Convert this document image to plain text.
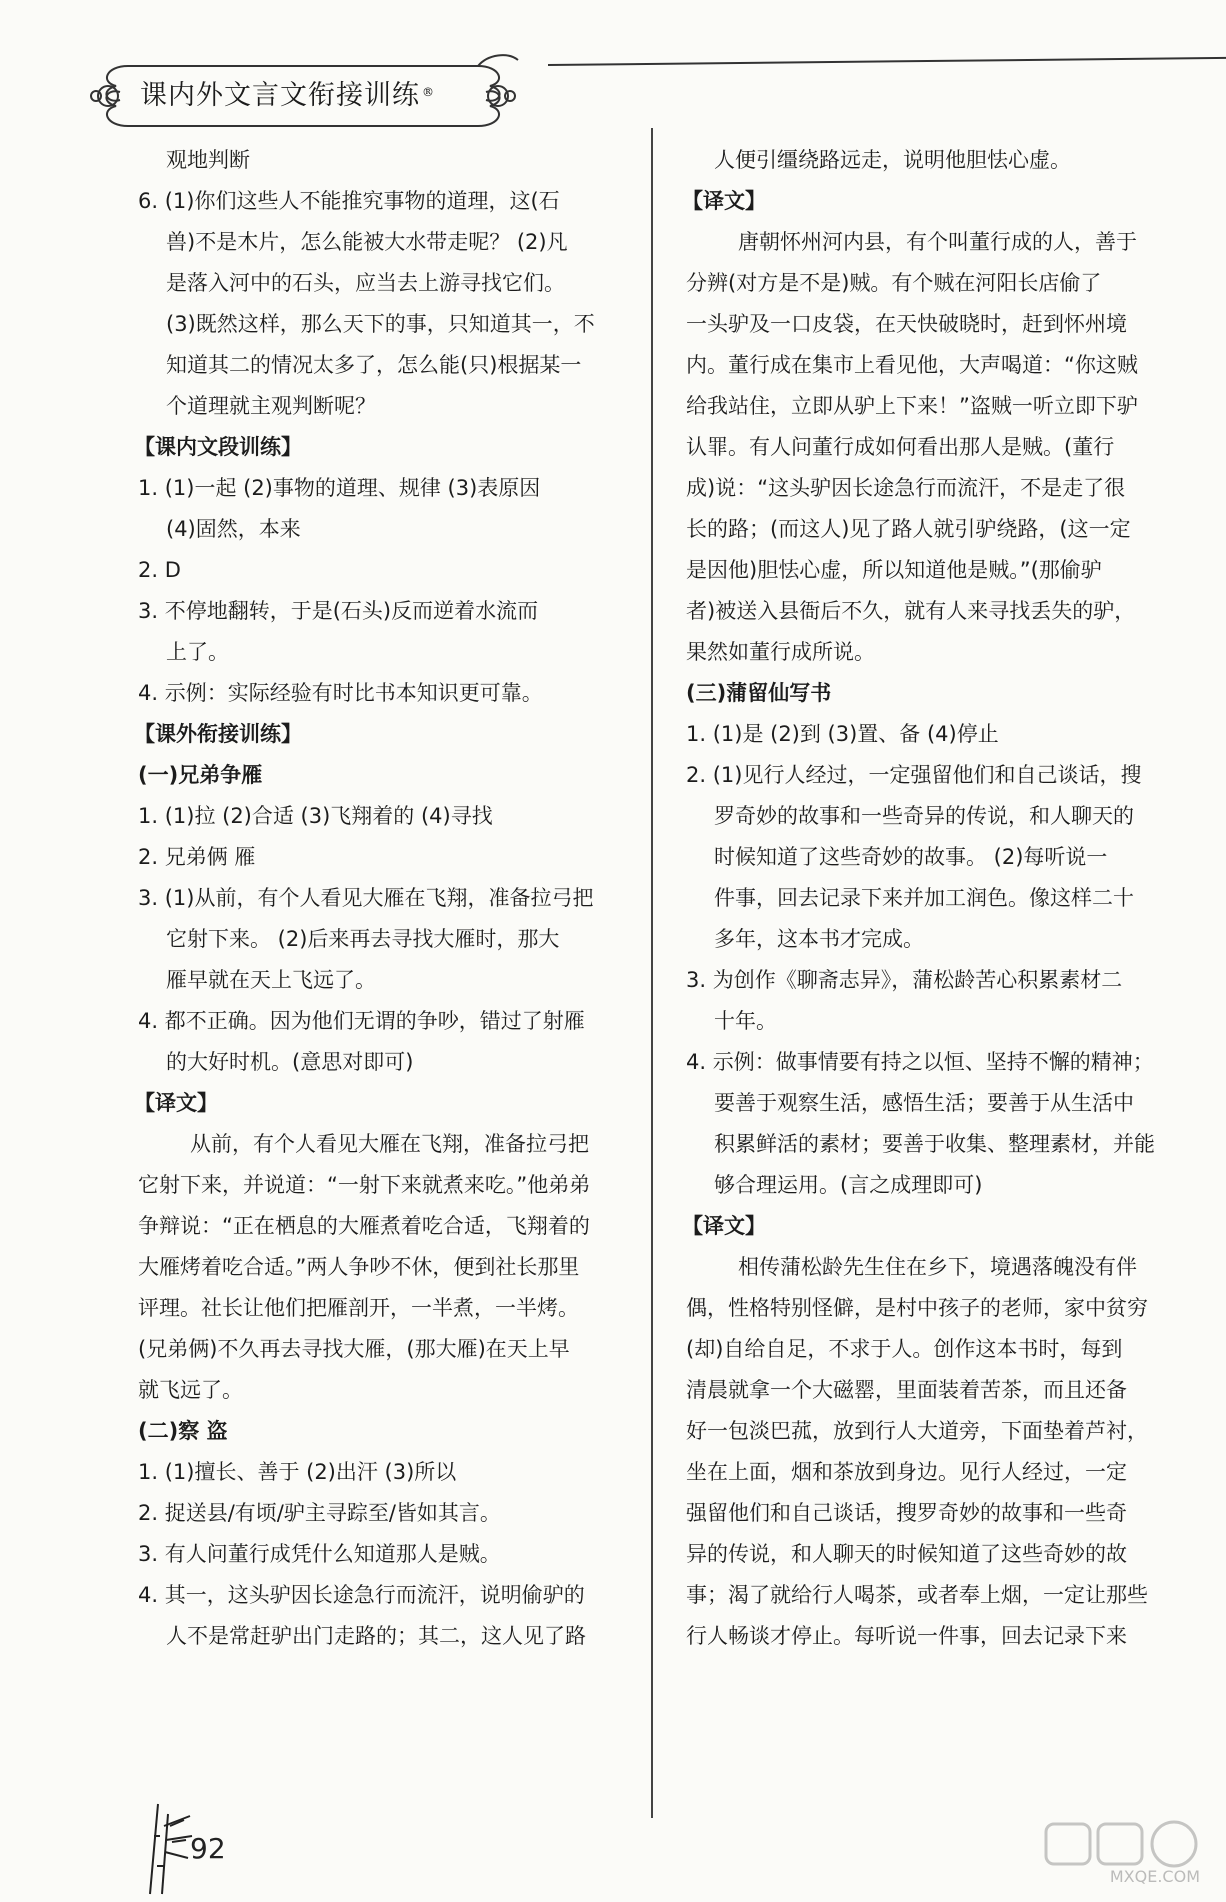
课内外文言文衔接训练 ®
观地判断
6. (1)你们这些人不能推究事物的道理，这(石
兽)不是木片，怎么能被大水带走呢？ (2)凡
是落入河中的石头，应当去上游寻找它们。
(3)既然这样，那么天下的事，只知道其一，不
知道其二的情况太多了，怎么能(只)根据某一
个道理就主观判断呢？
【课内文段训练】
1. (1)一起 (2)事物的道理、规律 (3)表原因
(4)固然，本来
2. D
3. 不停地翻转，于是(石头)反而逆着水流而
上了。
4. 示例：实际经验有时比书本知识更可靠。
【课外衔接训练】
(一)兄弟争雁
1. (1)拉 (2)合适 (3)飞翔着的 (4)寻找
2. 兄弟俩 雁
3. (1)从前，有个人看见大雁在飞翔，准备拉弓把
它射下来。 (2)后来再去寻找大雁时，那大
雁早就在天上飞远了。
4. 都不正确。因为他们无谓的争吵，错过了射雁
的大好时机。(意思对即可)
【译文】
从前，有个人看见大雁在飞翔，准备拉弓把
它射下来，并说道：“一射下来就煮来吃。”他弟弟
争辩说：“正在栖息的大雁煮着吃合适，飞翔着的
大雁烤着吃合适。”两人争吵不休，便到社长那里
评理。社长让他们把雁剖开，一半煮，一半烤。
(兄弟俩)不久再去寻找大雁，(那大雁)在天上早
就飞远了。
(二)察 盗
1. (1)擅长、善于 (2)出汗 (3)所以
2. 捉送县/有顷/驴主寻踪至/皆如其言。
3. 有人问董行成凭什么知道那人是贼。
4. 其一，这头驴因长途急行而流汗，说明偷驴的
人不是常赶驴出门走路的；其二，这人见了路
人便引缰绕路远走，说明他胆怯心虚。
【译文】
唐朝怀州河内县，有个叫董行成的人，善于
分辨(对方是不是)贼。有个贼在河阳长店偷了
一头驴及一口皮袋，在天快破晓时，赶到怀州境
内。董行成在集市上看见他，大声喝道：“你这贼
给我站住，立即从驴上下来！”盗贼一听立即下驴
认罪。有人问董行成如何看出那人是贼。(董行
成)说：“这头驴因长途急行而流汗，不是走了很
长的路；(而这人)见了路人就引驴绕路，(这一定
是因他)胆怯心虚，所以知道他是贼。”(那偷驴
者)被送入县衙后不久，就有人来寻找丢失的驴，
果然如董行成所说。
(三)蒲留仙写书
1. (1)是 (2)到 (3)置、备 (4)停止
2. (1)见行人经过，一定强留他们和自己谈话，搜
罗奇妙的故事和一些奇异的传说，和人聊天的
时候知道了这些奇妙的故事。 (2)每听说一
件事，回去记录下来并加工润色。像这样二十
多年，这本书才完成。
3. 为创作《聊斋志异》，蒲松龄苦心积累素材二
十年。
4. 示例：做事情要有持之以恒、坚持不懈的精神；
要善于观察生活，感悟生活；要善于从生活中
积累鲜活的素材；要善于收集、整理素材，并能
够合理运用。(言之成理即可)
【译文】
相传蒲松龄先生住在乡下，境遇落魄没有伴
偶，性格特别怪僻，是村中孩子的老师，家中贫穷
(却)自给自足，不求于人。创作这本书时，每到
清晨就拿一个大磁罂，里面装着苦茶，而且还备
好一包淡巴菰，放到行人大道旁，下面垫着芦衬，
坐在上面，烟和茶放到身边。见行人经过，一定
强留他们和自己谈话，搜罗奇妙的故事和一些奇
异的传说，和人聊天的时候知道了这些奇妙的故
事；渴了就给行人喝茶，或者奉上烟，一定让那些
行人畅谈才停止。每听说一件事，回去记录下来
92
MXQE.COM
